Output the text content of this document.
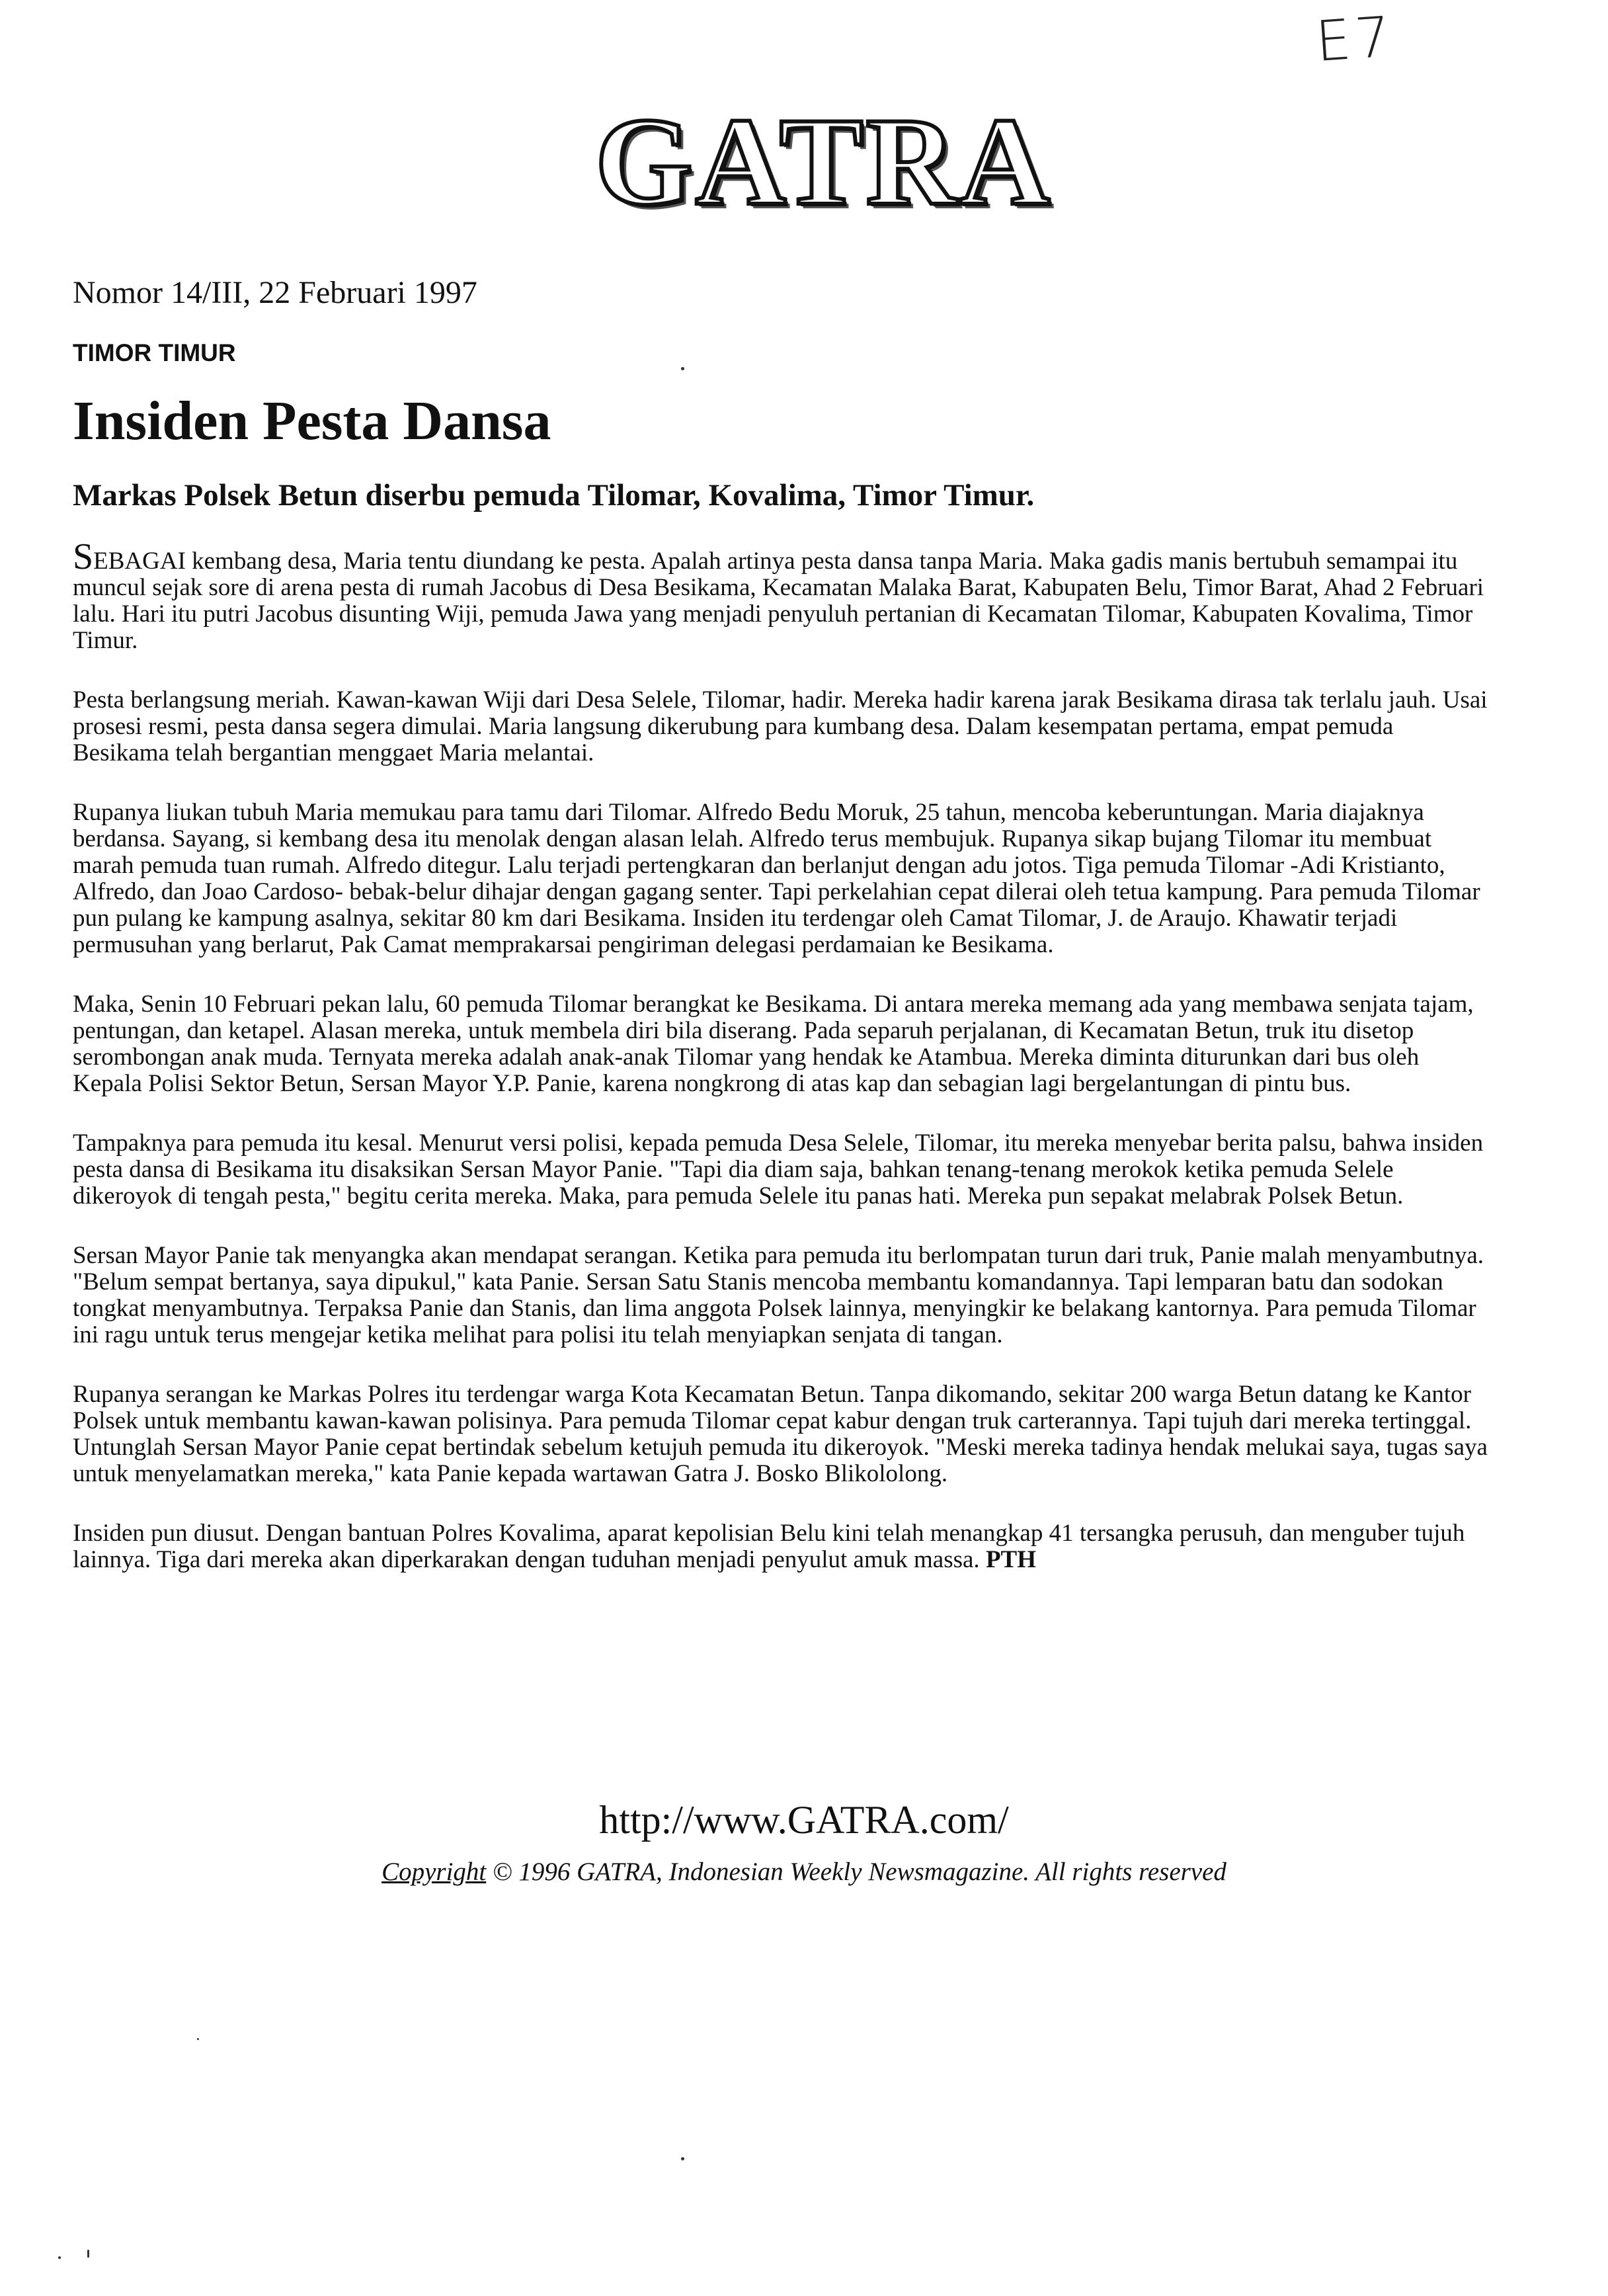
E7
GATRA
Nomor 14/III, 22 Februari 1997
TIMOR TIMUR
Insiden Pesta Dansa
Markas Polsek Betun diserbu pemuda Tilomar, Kovalima, Timor Timur.

SEBAGAI kembang desa, Maria tentu diundang ke pesta. Apalah artinya pesta dansa tanpa Maria. Maka gadis manis bertubuh semampai itu muncul sejak sore di arena pesta di rumah Jacobus di Desa Besikama, Kecamatan Malaka Barat, Kabupaten Belu, Timor Barat, Ahad 2 Februari lalu. Hari itu putri Jacobus disunting Wiji, pemuda Jawa yang menjadi penyuluh pertanian di Kecamatan Tilomar, Kabupaten Kovalima, Timor Timur.

Pesta berlangsung meriah. Kawan-kawan Wiji dari Desa Selele, Tilomar, hadir. Mereka hadir karena jarak Besikama dirasa tak terlalu jauh. Usai prosesi resmi, pesta dansa segera dimulai. Maria langsung dikerubung para kumbang desa. Dalam kesempatan pertama, empat pemuda Besikama telah bergantian menggaet Maria melantai.

Rupanya liukan tubuh Maria memukau para tamu dari Tilomar. Alfredo Bedu Moruk, 25 tahun, mencoba keberuntungan. Maria diajaknya berdansa. Sayang, si kembang desa itu menolak dengan alasan lelah. Alfredo terus membujuk. Rupanya sikap bujang Tilomar itu membuat marah pemuda tuan rumah. Alfredo ditegur. Lalu terjadi pertengkaran dan berlanjut dengan adu jotos. Tiga pemuda Tilomar -Adi Kristianto, Alfredo, dan Joao Cardoso- bebak-belur dihajar dengan gagang senter. Tapi perkelahian cepat dilerai oleh tetua kampung. Para pemuda Tilomar pun pulang ke kampung asalnya, sekitar 80 km dari Besikama. Insiden itu terdengar oleh Camat Tilomar, J. de Araujo. Khawatir terjadi permusuhan yang berlarut, Pak Camat memprakarsai pengiriman delegasi perdamaian ke Besikama.

Maka, Senin 10 Februari pekan lalu, 60 pemuda Tilomar berangkat ke Besikama. Di antara mereka memang ada yang membawa senjata tajam, pentungan, dan ketapel. Alasan mereka, untuk membela diri bila diserang. Pada separuh perjalanan, di Kecamatan Betun, truk itu disetop serombongan anak muda. Ternyata mereka adalah anak-anak Tilomar yang hendak ke Atambua. Mereka diminta diturunkan dari bus oleh Kepala Polisi Sektor Betun, Sersan Mayor Y.P. Panie, karena nongkrong di atas kap dan sebagian lagi bergelantungan di pintu bus.

Tampaknya para pemuda itu kesal. Menurut versi polisi, kepada pemuda Desa Selele, Tilomar, itu mereka menyebar berita palsu, bahwa insiden pesta dansa di Besikama itu disaksikan Sersan Mayor Panie. "Tapi dia diam saja, bahkan tenang-tenang merokok ketika pemuda Selele dikeroyok di tengah pesta," begitu cerita mereka. Maka, para pemuda Selele itu panas hati. Mereka pun sepakat melabrak Polsek Betun.

Sersan Mayor Panie tak menyangka akan mendapat serangan. Ketika para pemuda itu berlompatan turun dari truk, Panie malah menyambutnya. "Belum sempat bertanya, saya dipukul," kata Panie. Sersan Satu Stanis mencoba membantu komandannya. Tapi lemparan batu dan sodokan tongkat menyambutnya. Terpaksa Panie dan Stanis, dan lima anggota Polsek lainnya, menyingkir ke belakang kantornya. Para pemuda Tilomar ini ragu untuk terus mengejar ketika melihat para polisi itu telah menyiapkan senjata di tangan.

Rupanya serangan ke Markas Polres itu terdengar warga Kota Kecamatan Betun. Tanpa dikomando, sekitar 200 warga Betun datang ke Kantor Polsek untuk membantu kawan-kawan polisinya. Para pemuda Tilomar cepat kabur dengan truk carterannya. Tapi tujuh dari mereka tertinggal. Untunglah Sersan Mayor Panie cepat bertindak sebelum ketujuh pemuda itu dikeroyok. "Meski mereka tadinya hendak melukai saya, tugas saya untuk menyelamatkan mereka," kata Panie kepada wartawan Gatra J. Bosko Blikololong.

Insiden pun diusut. Dengan bantuan Polres Kovalima, aparat kepolisian Belu kini telah menangkap 41 tersangka perusuh, dan menguber tujuh lainnya. Tiga dari mereka akan diperkarakan dengan tuduhan menjadi penyulut amuk massa. PTH

http://www.GATRA.com/
Copyright © 1996 GATRA, Indonesian Weekly Newsmagazine. All rights reserved
